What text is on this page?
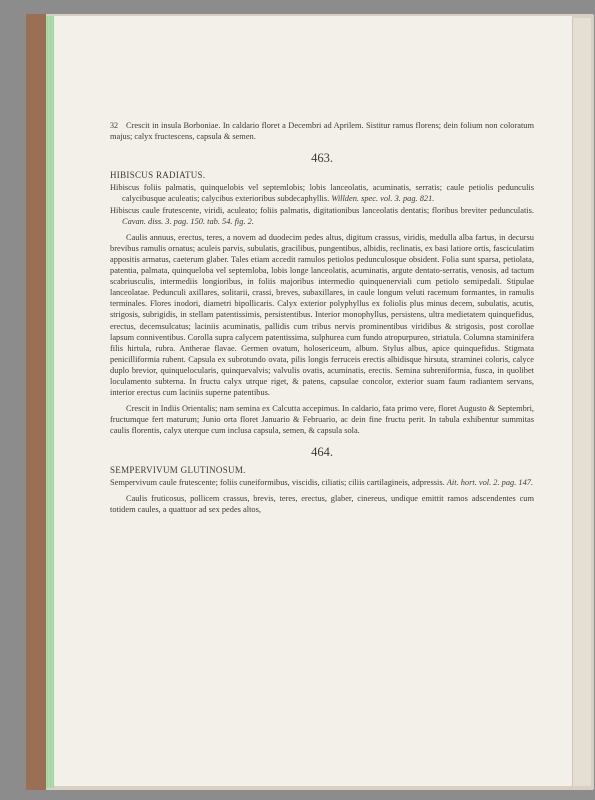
32 Crescit in insula Borboniae. In caldario floret a Decembri ad Aprilem. Sistitur ramus florens; dein folium non coloratum majus; calyx fructescens, capsula & semen.

463.
HIBISCUS RADIATUS.

Hibiscus foliis palmatis, quinquelobis vel septemlobis; lobis lanceolatis, acuminatis, serratis; caule petiolis pedunculis calycibusque aculeatis; calycibus exterioribus subdecaphyllis. Willden. spec. vol. 3. pag. 821.

Hibiscus caule frutescente, viridi, aculeato; foliis palmatis, digitationibus lanceolatis dentatis; floribus breviter pedunculatis. Cavan. diss. 3. pag. 150. tab. 54. fig. 2.

Caulis annuus, erectus, teres, a novem ad duodecim pedes altus, digitum crassus, viridis, medulla alba fartus, in decursu brevibus ramulis ornatus; aculeis parvis, subulatis, gracilibus, pungentibus, albidis, reclinatis, ex basi latiore ortis, fasciculatim appositis armatus, caeterum glaber. Tales etiam accedit ramulos petiolos pedunculosque obsident. Folia sunt sparsa, petiolata, patentia, palmata, quinqueloba vel septemloba, lobis longe lanceolatis, acuminatis, argute dentato-serratis, venosis, ad tactum scabriusculis, intermediis longioribus, in foliis majoribus intermedio quinquenerviali cum petiolo semipedali. Stipulae lanceolatae. Pedunculi axillares, solitarii, crassi, breves, subaxillares, in caule longum veluti racemum formantes, in ramulis terminales. Flores inodori, diametri bipollicaris. Calyx exterior polyphyllus ex foliolis plus minus decem, subulatis, acutis, strigosis, subrigidis, in stellam patentissimis, persistentibus. Interior monophyllus, persistens, ultra medietatem quinquefidus, erectus, decemsulcatus; laciniis acuminatis, pallidis cum tribus nervis prominentibus viridibus & strigosis, post corollae lapsum conniventibus. Corolla supra calycem patentissima, sulphurea cum fundo atropurpureo, striatula. Columna staminifera filis hirtula, rubra. Antherae flavae. Germen ovatum, holosericeum, album. Stylus albus, apice quinquefidus. Stigmata penicilliformia rubent. Capsula ex subrotundo ovata, pilis longis ferruceis erectis albidisque hirsuta, straminei coloris, calyce duplo brevior, quinquelocularis, quinquevalvis; valvulis ovatis, acuminatis, erectis. Semina subreniformia, fusca, in quolibet loculamento subterna. In fructu calyx utrque riget, & patens, capsulae concolor, exterior suam faum radiantem servans, interior erectus cum laciniis superne patentibus.

Crescit in Indiis Orientalis; nam semina ex Calcutta accepimus. In caldario, fata primo vere, floret Augusto & Septembri, fructumque fert maturum; Junio orta floret Januario & Februario, ac dein fine fructu perit. In tabula exhibentur summitas caulis florentis, calyx uterque cum inclusa capsula, semen, & capsula sola.

464.
SEMPERVIVUM GLUTINOSUM.

Sempervivum caule frutescente; foliis cuneiformibus, viscidis, ciliatis; ciliis cartilagineis, adpressis. Ait. hort. vol. 2. pag. 147.

Caulis fruticosus, pollicem crassus, brevis, teres, erectus, glaber, cinereus, undique emittit ramos adscendentes cum totidem caules, a quattuor ad sex pedes altos,
